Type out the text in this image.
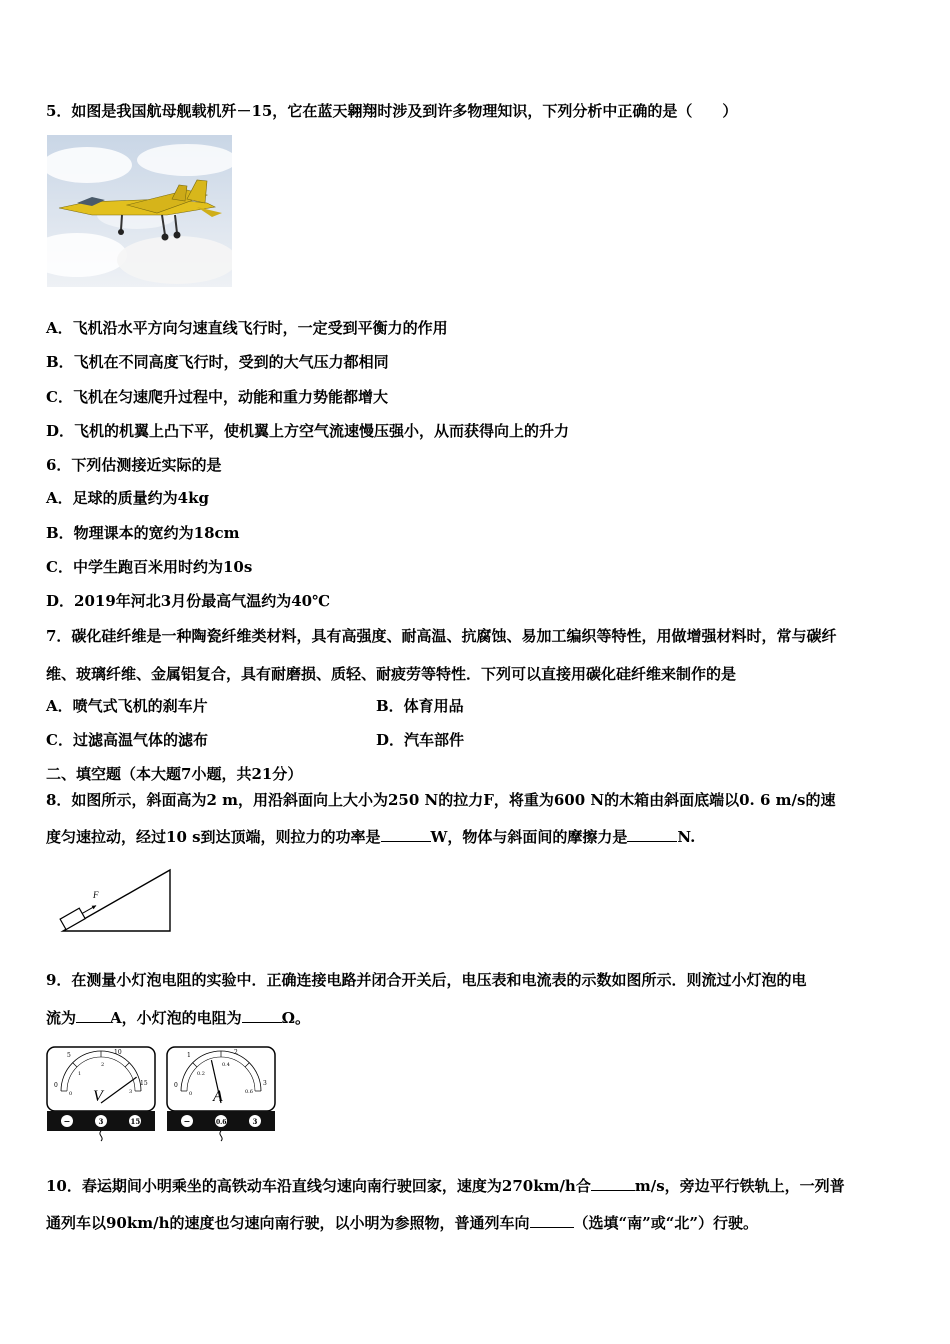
5．如图是我国航母舰载机歼－15，它在蓝天翱翔时涉及到许多物理知识，下列分析中正确的是（　　）
A．飞机沿水平方向匀速直线飞行时，一定受到平衡力的作用
B．飞机在不同高度飞行时，受到的大气压力都相同
C．飞机在匀速爬升过程中，动能和重力势能都增大
D．飞机的机翼上凸下平，使机翼上方空气流速慢压强小，从而获得向上的升力
6．下列估测接近实际的是
A．足球的质量约为4kg
B．物理课本的宽约为18cm
C．中学生跑百米用时约为10s
D．2019年河北3月份最高气温约为40℃
7．碳化硅纤维是一种陶瓷纤维类材料，具有高强度、耐高温、抗腐蚀、易加工编织等特性，用做增强材料时，常与碳纤
维、玻璃纤维、金属铝复合，具有耐磨损、质轻、耐疲劳等特性．下列可以直接用碳化硅纤维来制作的是
A．喷气式飞机的刹车片	B．体育用品
C．过滤高温气体的滤布	D．汽车部件
二、填空题（本大题7小题，共21分）
8．如图所示，斜面高为2 m，用沿斜面向上大小为250 N的拉力F，将重为600 N的木箱由斜面底端以0. 6 m/s的速
度匀速拉动，经过10 s到达顶端，则拉力的功率是	W，物体与斜面间的摩擦力是	N.
F
9．在测量小灯泡电阻的实验中．正确连接电路并闭合开关后，电压表和电流表的示数如图所示．则流过小灯泡的电
流为 A，小灯泡的电阻为	Ω。
0
5	10
15
0
1
2
3
V
−	3	15
0
1	2
3
0
0.2
0.4
0.6
A
−	0.6	3
10．春运期间小明乘坐的高铁动车沿直线匀速向南行驶回家，速度为270km/h合	m/s，旁边平行铁轨上，一列普
通列车以90km/h的速度也匀速向南行驶，以小明为参照物，普通列车向	（选填“南”或“北”）行驶。
